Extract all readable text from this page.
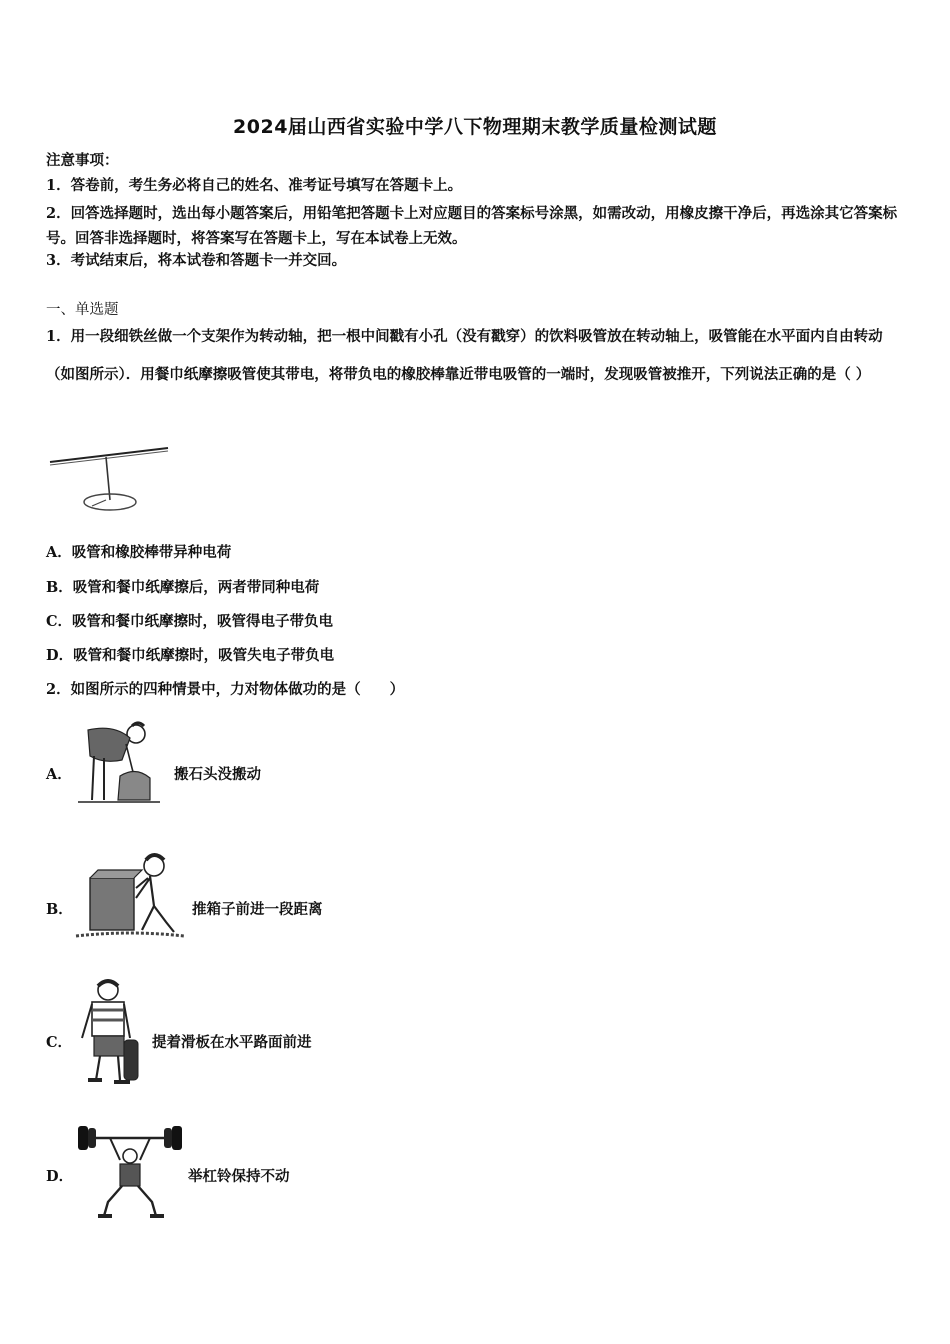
2024届山西省实验中学八下物理期末教学质量检测试题
注意事项：
1．答卷前，考生务必将自己的姓名、准考证号填写在答题卡上。
2．回答选择题时，选出每小题答案后，用铅笔把答题卡上对应题目的答案标号涂黑，如需改动，用橡皮擦干净后，再选涂其它答案标号。回答非选择题时，将答案写在答题卡上，写在本试卷上无效。
3．考试结束后，将本试卷和答题卡一并交回。
一、单选题
1．用一段细铁丝做一个支架作为转动轴，把一根中间戳有小孔（没有戳穿）的饮料吸管放在转动轴上，吸管能在水平面内自由转动（如图所示）．用餐巾纸摩擦吸管使其带电，将带负电的橡胶棒靠近带电吸管的一端时，发现吸管被推开，下列说法正确的是（ ）
A．吸管和橡胶棒带异种电荷
B．吸管和餐巾纸摩擦后，两者带同种电荷
C．吸管和餐巾纸摩擦时，吸管得电子带负电
D．吸管和餐巾纸摩擦时，吸管失电子带负电
2．如图所示的四种情景中，力对物体做功的是（　　）
A．	搬石头没搬动
B．	推箱子前进一段距离
C．	提着滑板在水平路面前进
D．	举杠铃保持不动
